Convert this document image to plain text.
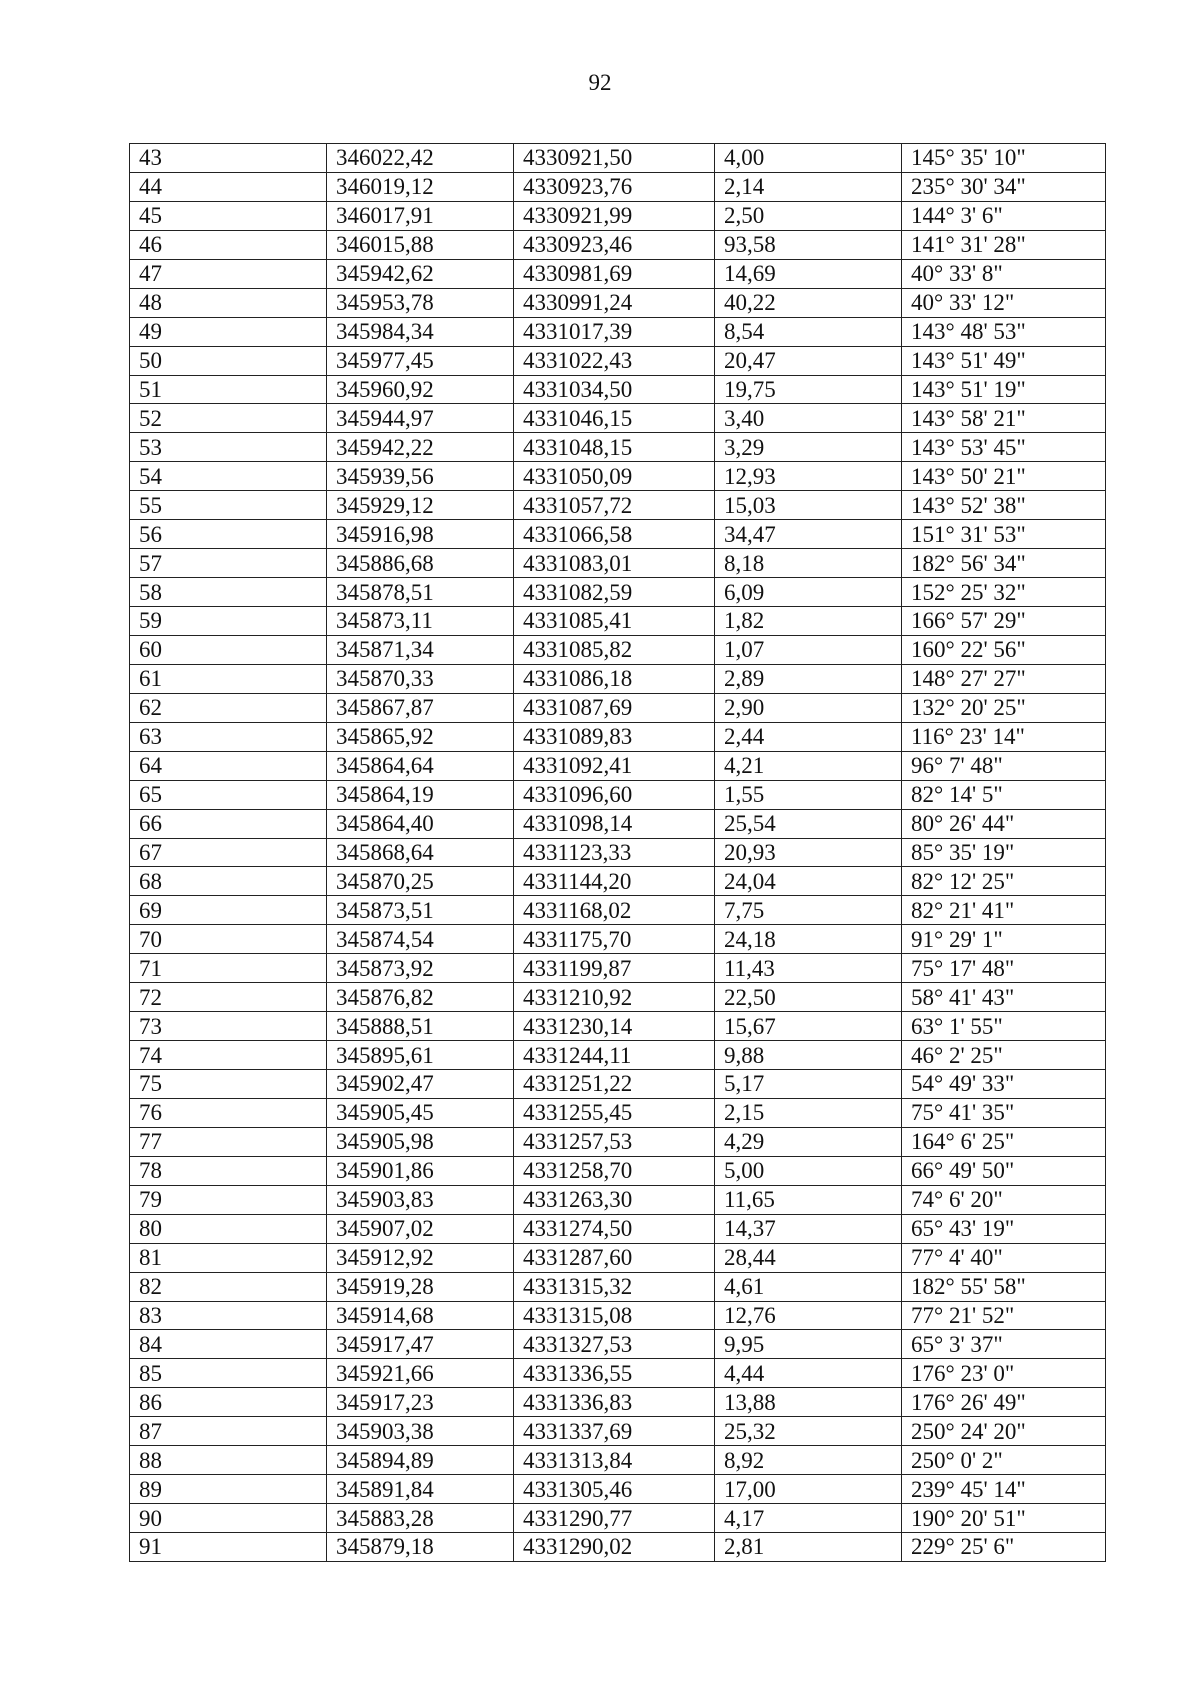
92
43	346022,42	4330921,50	4,00	145° 35' 10"
44	346019,12	4330923,76	2,14	235° 30' 34"
45	346017,91	4330921,99	2,50	144° 3' 6"
46	346015,88	4330923,46	93,58	141° 31' 28"
47	345942,62	4330981,69	14,69	40° 33' 8"
48	345953,78	4330991,24	40,22	40° 33' 12"
49	345984,34	4331017,39	8,54	143° 48' 53"
50	345977,45	4331022,43	20,47	143° 51' 49"
51	345960,92	4331034,50	19,75	143° 51' 19"
52	345944,97	4331046,15	3,40	143° 58' 21"
53	345942,22	4331048,15	3,29	143° 53' 45"
54	345939,56	4331050,09	12,93	143° 50' 21"
55	345929,12	4331057,72	15,03	143° 52' 38"
56	345916,98	4331066,58	34,47	151° 31' 53"
57	345886,68	4331083,01	8,18	182° 56' 34"
58	345878,51	4331082,59	6,09	152° 25' 32"
59	345873,11	4331085,41	1,82	166° 57' 29"
60	345871,34	4331085,82	1,07	160° 22' 56"
61	345870,33	4331086,18	2,89	148° 27' 27"
62	345867,87	4331087,69	2,90	132° 20' 25"
63	345865,92	4331089,83	2,44	116° 23' 14"
64	345864,64	4331092,41	4,21	96° 7' 48"
65	345864,19	4331096,60	1,55	82° 14' 5"
66	345864,40	4331098,14	25,54	80° 26' 44"
67	345868,64	4331123,33	20,93	85° 35' 19"
68	345870,25	4331144,20	24,04	82° 12' 25"
69	345873,51	4331168,02	7,75	82° 21' 41"
70	345874,54	4331175,70	24,18	91° 29' 1"
71	345873,92	4331199,87	11,43	75° 17' 48"
72	345876,82	4331210,92	22,50	58° 41' 43"
73	345888,51	4331230,14	15,67	63° 1' 55"
74	345895,61	4331244,11	9,88	46° 2' 25"
75	345902,47	4331251,22	5,17	54° 49' 33"
76	345905,45	4331255,45	2,15	75° 41' 35"
77	345905,98	4331257,53	4,29	164° 6' 25"
78	345901,86	4331258,70	5,00	66° 49' 50"
79	345903,83	4331263,30	11,65	74° 6' 20"
80	345907,02	4331274,50	14,37	65° 43' 19"
81	345912,92	4331287,60	28,44	77° 4' 40"
82	345919,28	4331315,32	4,61	182° 55' 58"
83	345914,68	4331315,08	12,76	77° 21' 52"
84	345917,47	4331327,53	9,95	65° 3' 37"
85	345921,66	4331336,55	4,44	176° 23' 0"
86	345917,23	4331336,83	13,88	176° 26' 49"
87	345903,38	4331337,69	25,32	250° 24' 20"
88	345894,89	4331313,84	8,92	250° 0' 2"
89	345891,84	4331305,46	17,00	239° 45' 14"
90	345883,28	4331290,77	4,17	190° 20' 51"
91	345879,18	4331290,02	2,81	229° 25' 6"
